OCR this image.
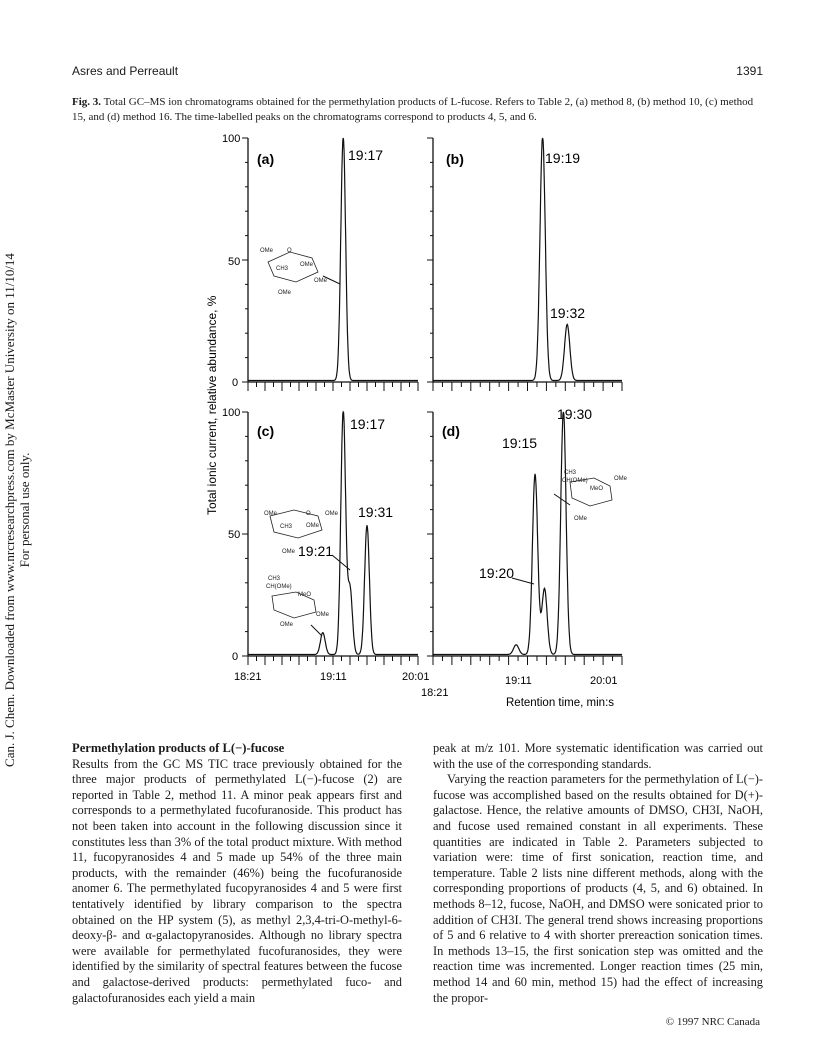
Asres and Perreault	1391
Fig. 3. Total GC–MS ion chromatograms obtained for the permethylation products of L-fucose. Refers to Table 2, (a) method 8, (b) method 10, (c) method 15, and (d) method 16. The time-labelled peaks on the chromatograms correspond to products 4, 5, and 6.
Can. J. Chem. Downloaded from www.nrcresearchpress.com by McMaster University on 11/10/14 For personal use only.
100
50
0
100
50
0
Total ionic current, relative abundance, %
18:21	19:11	20:01
18:21
19:11	20:01
Retention time, min:s
(a)	(b)
(c)	(d)
19:17	19:19
19:32
19:17
19:31
19:21
19:30
19:15
19:20
OMe O
CH3
OMe
OMe
OMe
OMe	O OMe
CH3 OMe
OMe
CH3
CH(OMe)
MeO
OMe
OMe
CH3
CH(OMe)	OMe
MeO
OMe
Permethylation products of L(−)-fucose
Results from the GC MS TIC trace previously obtained for the three major products of permethylated L(−)-fucose (2) are reported in Table 2, method 11. A minor peak appears first and corresponds to a permethylated fucofuranoside. This product has not been taken into account in the following discussion since it constitutes less than 3% of the total product mixture. With method 11, fucopyranosides 4 and 5 made up 54% of the three main products, with the remainder (46%) being the fucofuranoside anomer 6. The permethylated fucopyranosides 4 and 5 were first tentatively identified by library comparison to the spectra obtained on the HP system (5), as methyl 2,3,4-tri-O-methyl-6-deoxy-β- and α-galactopyranosides. Although no library spectra were available for permethylated fucofuranosides, they were identified by the similarity of spectral features between the fucose and galactose-derived products: permethylated fuco- and galactofuranosides each yield a main
peak at m/z 101. More systematic identification was carried out with the use of the corresponding standards.
Varying the reaction parameters for the permethylation of L(−)-fucose was accomplished based on the results obtained for D(+)-galactose. Hence, the relative amounts of DMSO, CH3I, NaOH, and fucose used remained constant in all experiments. These quantities are indicated in Table 2. Parameters subjected to variation were: time of first sonication, reaction time, and temperature. Table 2 lists nine different methods, along with the corresponding proportions of products (4, 5, and 6) obtained. In methods 8–12, fucose, NaOH, and DMSO were sonicated prior to addition of CH3I. The general trend shows increasing proportions of 5 and 6 relative to 4 with shorter prereaction sonication times. In methods 13–15, the first sonication step was omitted and the reaction time was incremented. Longer reaction times (25 min, method 14 and 60 min, method 15) had the effect of increasing the propor-
© 1997 NRC Canada
